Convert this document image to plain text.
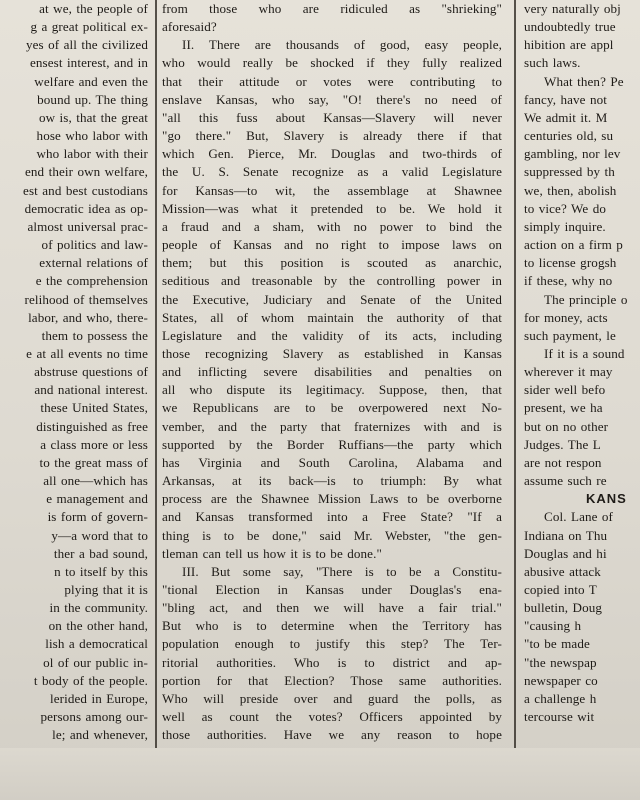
at we, the people of
g a great political ex-
yes of all the civilized
ensest interest, and in
welfare and even the
bound up. The thing
ow is, that the great
hose who labor with
who labor with their
end their own welfare,
est and best custodians
democratic idea as op-
almost universal prac-
of politics and law-
external relations of
e the comprehension
relihood of themselves
labor, and who, there-
them to possess the
e at all events no time
abstruse questions of
and national interest.
these United States,
distinguished as free
a class more or less
to the great mass of
all one—which has
e management and
is form of govern-
y—a word that to
ther a bad sound,
n to itself by this
plying that it is
in the community.
on the other hand,
lish a democratical
ol of our public in-
t body of the people.
lerided in Europe,
persons among our-
le; and whenever,
from those who are ridiculed as "shrieking"
aforesaid?
II. There are thousands of good, easy people,
who would really be shocked if they fully realized
that their attitude or votes were contributing to
enslave Kansas, who say, "O! there's no need of
"all this fuss about Kansas—Slavery will never
"go there." But, Slavery is already there if that
which Gen. Pierce, Mr. Douglas and two-thirds of
the U. S. Senate recognize as a valid Legislature
for Kansas—to wit, the assemblage at Shawnee
Mission—was what it pretended to be. We hold it
a fraud and a sham, with no power to bind the
people of Kansas and no right to impose laws on
them; but this position is scouted as anarchic,
seditious and treasonable by the controlling power in
the Executive, Judiciary and Senate of the United
States, all of whom maintain the authority of that
Legislature and the validity of its acts, including
those recognizing Slavery as established in Kansas
and inflicting severe disabilities and penalties on
all who dispute its legitimacy. Suppose, then, that
we Republicans are to be overpowered next No-
vember, and the party that fraternizes with and is
supported by the Border Ruffians—the party which
has Virginia and South Carolina, Alabama and
Arkansas, at its back—is to triumph: By what
process are the Shawnee Mission Laws to be overborne
and Kansas transformed into a Free State? "If a
thing is to be done," said Mr. Webster, "the gen-
tleman can tell us how it is to be done."
III. But some say, "There is to be a Constitu-
"tional Election in Kansas under Douglas's ena-
"bling act, and then we will have a fair trial."
But who is to determine when the Territory has
population enough to justify this step? The Ter-
ritorial authorities. Who is to district and ap-
portion for that Election? Those same authorities.
Who will preside over and guard the polls, as
well as count the votes? Officers appointed by
those authorities. Have we any reason to hope
very naturally obj
undoubtedly true
hibition are appl
such laws.
What then? Pe
fancy, have not
We admit it. M
centuries old, su
gambling, nor lev
suppressed by th
we, then, abolish
to vice? We do
simply inquire.
action on a firm p
to license grogsh
if these, why no
The principle o
for money, acts
such payment, le
If it is a sound
wherever it may
sider well befo
present, we ha
but on no other
Judges. The L
are not respon
assume such re
KANS
Col. Lane of
Indiana on Thu
Douglas and hi
abusive attack
copied into T
bulletin, Doug
"causing h
"to be made
"the newspap
newspaper co
a challenge h
tercourse wit
